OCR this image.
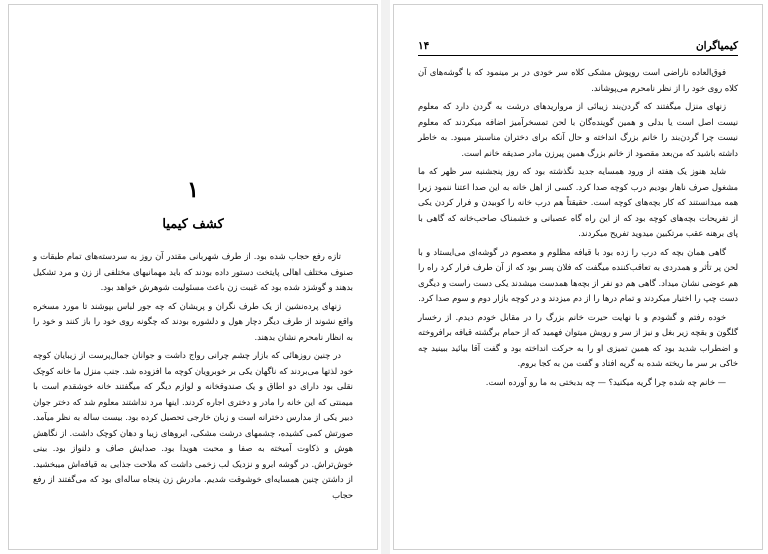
۱
کشف کیمیا

تازه رفع حجاب شده بود. از طرف شهربانی مقتدر آن روز به سردسته‌های تمام طبقات و صنوف مختلف اهالی پایتخت دستور داده بودند که باید مهمانیهای مختلفی از زن و مرد تشکیل بدهند و گوشزد شده بود که غیبت زن باعث مسئولیت شوهرش خواهد بود.

زنهای پرده‌نشین از یک طرف نگران و پریشان که چه جور لباس بپوشند تا مورد مسخره واقع نشوند از طرف دیگر دچار هول و دلشوره بودند که چگونه روی خود را باز کنند و خود را به انظار نامحرم نشان بدهند.

در چنین روزهائی که بازار چشم چرانی رواج داشت و جوانان جمال‌پرست از زیبایان کوچه خود لذتها می‌بردند که ناگهان یکی بر خوبرویان کوچه ما افزوده شد. جنب منزل ما خانه کوچک نقلی بود دارای دو اطاق و یک صندوقخانه و لوازم دیگر که میگفتند خانه خوشقدم است با میمنتی که این خانه را مادر و دختری اجاره کردند. اینها مرد نداشتند معلوم شد که دختر جوان دبیر یکی از مدارس دخترانه است و زبان خارجی تحصیل کرده بود. بیست ساله به نظر میآمد. صورتش کمی کشیده، چشمهای درشت مشکی، ابروهای زیبا و دهان کوچک داشت. از نگاهش هوش و ذکاوت آمیخته به صفا و محبت هویدا بود. صدایش صاف و دلنواز بود. بینی خوش‌تراش. در گوشه ابرو و نزدیک لب زخمی داشت که ملاحت جذابی به قیافه‌اش میبخشید. از داشتن چنین همسایه‌ای خوشوقت شدیم. مادرش زن پنجاه ساله‌ای بود که می‌گفتند از رفع حجاب

کیمیاگران
۱۴

فوق‌العاده ناراضی است روپوش مشکی کلاه سر خودی در بر مینمود که با گوشه‌های آن کلاه روی خود را از نظر نامحرم می‌پوشاند.

زنهای منزل میگفتند که گردن‌بند زیبائی از مرواریدهای درشت به گردن دارد که معلوم نیست اصل است یا بدلی و همین گوینده‌گان با لحن تمسخرآمیز اضافه میکردند که معلوم نیست چرا گردن‌بند را خانم بزرگ انداخته و حال آنکه برای دختران مناسبتر میبود. به خاطر داشته باشید که من‌بعد مقصود از خانم بزرگ همین پیرزن مادر صدیقه خانم است.

شاید هنوز یک هفته از ورود همسایه جدید نگذشته بود که روز پنجشنبه سر ظهر که ما مشغول صرف ناهار بودیم درب کوچه صدا کرد. کسی از اهل خانه به این صدا اعتنا ننمود زیرا همه میدانستند که کار بچه‌های کوچه است. حقیقتاً هم درب خانه را کوبیدن و فرار کردن یکی از تفریحات بچه‌های کوچه بود که از این راه گاه عصبانی و خشمناک صاحب‌خانه که گاهی با پای برهنه عقب مرتکبین میدوید تفریح میکردند.

گاهی همان بچه که درب را زده بود با قیافه مظلوم و معصوم در گوشه‌ای می‌ایستاد و با لحن پر تأثر و همدردی به تعاقب‌کننده میگفت که فلان پسر بود که از آن طرف فرار کرد راه را هم عوضی نشان میداد. گاهی هم دو نفر از بچه‌ها همدست میشدند یکی دست راست و دیگری دست چپ را اختیار میکردند و تمام درها را از دم میزدند و در کوچه بازار دوم و سوم صدا کرد.

خوده رفتم و گشودم و با نهایت حیرت خانم بزرگ را در مقابل خودم دیدم. از رخسار گلگون و بقچه زیر بغل و نیز از سر و رویش میتوان فهمید که از حمام برگشته قیافه برافروخته و اضطراب شدید بود که همین تمیزی او را به حرکت انداخته بود و گفت آقا بیائید ببینید چه خاکی بر سر ما ریخته شده به گریه افتاد و گفت من به کجا بروم.

— خانم چه شده چرا گریه میکنید؟ — چه بدبختی به ما رو آورده است.
